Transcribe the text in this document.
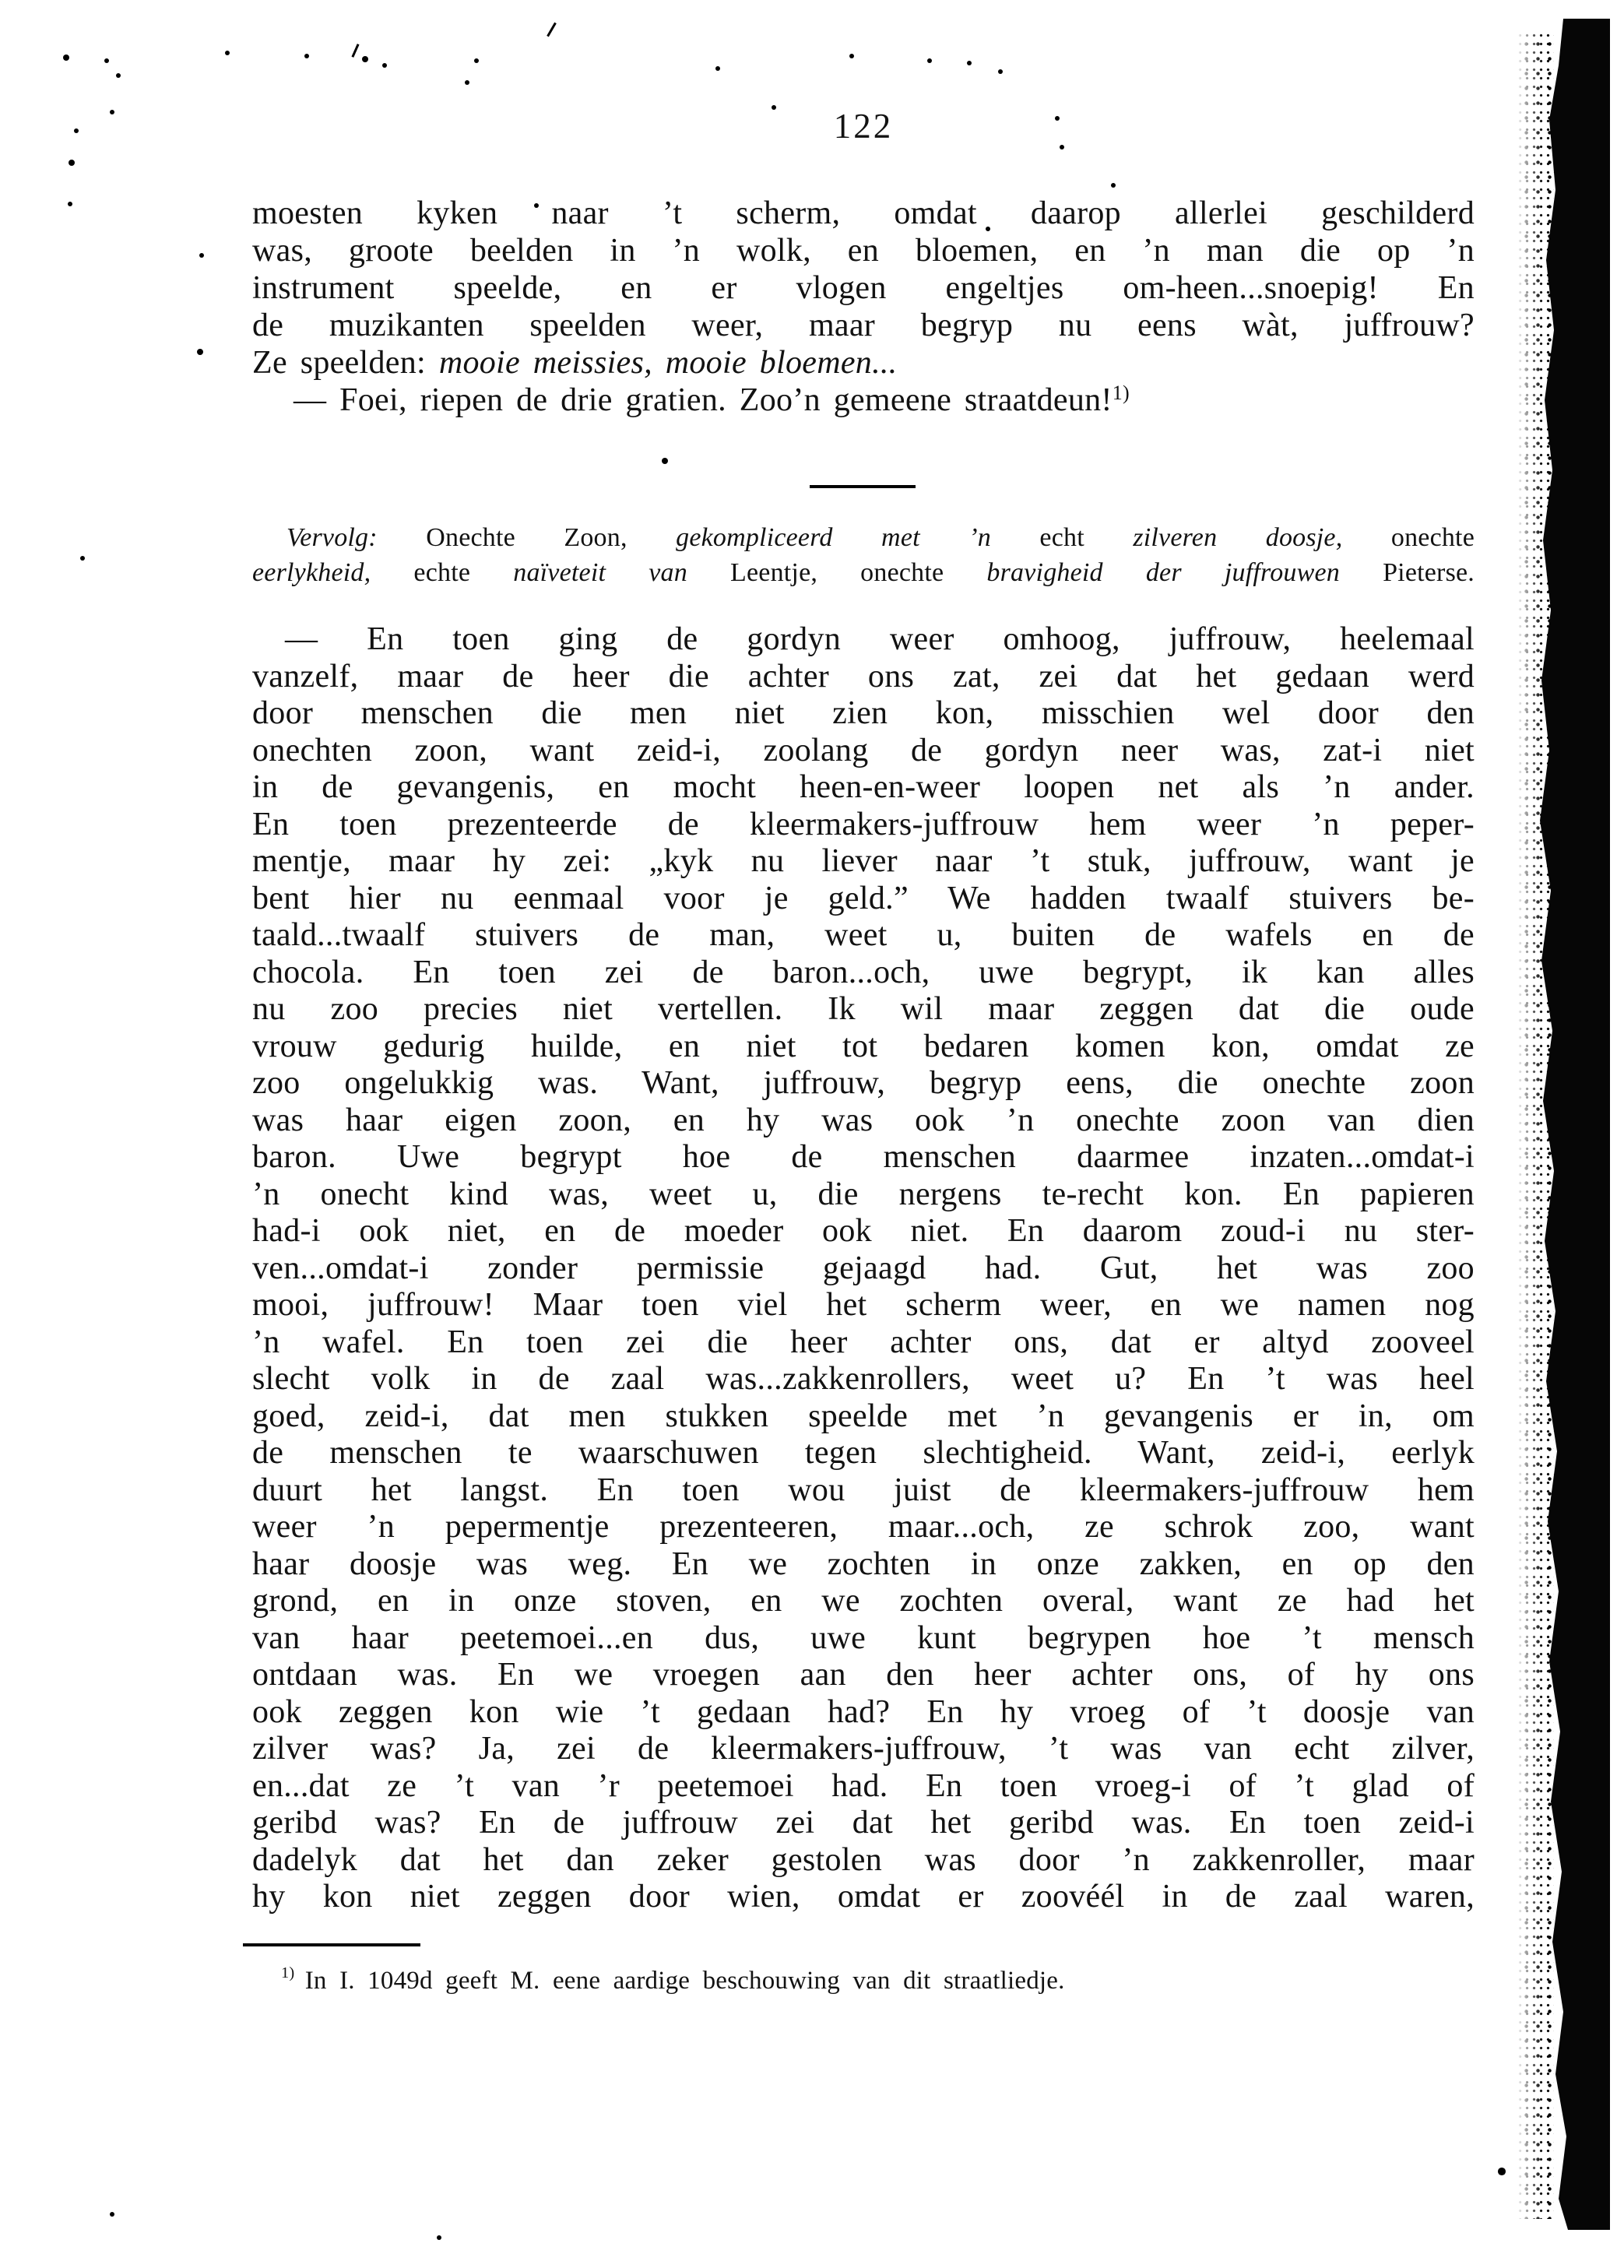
122
moesten kyken naar ’t scherm, omdat daarop allerlei geschilderd
was, groote beelden in ’n wolk, en bloemen, en ’n man die op ’n
instrument speelde, en er vlogen engeltjes om-heen...snoepig! En
de muzikanten speelden weer, maar begryp nu eens wàt, juffrouw?
Ze speelden: mooie meissies, mooie bloemen...
— Foei, riepen de drie gratien. Zoo’n gemeene straatdeun!$^{1)}$
Vervolg: Onechte Zoon, gekompliceerd met ’n echt zilveren doosje, onechte
eerlykheid, echte naïveteit van Leentje, onechte bravigheid der juffrouwen Pieterse.
— En toen ging de gordyn weer omhoog, juffrouw, heelemaal
vanzelf, maar de heer die achter ons zat, zei dat het gedaan werd
door menschen die men niet zien kon, misschien wel door den
onechten zoon, want zeid-i, zoolang de gordyn neer was, zat-i niet
in de gevangenis, en mocht heen-en-weer loopen net als ’n ander.
En toen prezenteerde de kleermakers-juffrouw hem weer ’n peper-
mentje, maar hy zei: „kyk nu liever naar ’t stuk, juffrouw, want je
bent hier nu eenmaal voor je geld.” We hadden twaalf stuivers be-
taald...twaalf stuivers de man, weet u, buiten de wafels en de
chocola. En toen zei de baron...och, uwe begrypt, ik kan alles
nu zoo precies niet vertellen. Ik wil maar zeggen dat die oude
vrouw gedurig huilde, en niet tot bedaren komen kon, omdat ze
zoo ongelukkig was. Want, juffrouw, begryp eens, die onechte zoon
was haar eigen zoon, en hy was ook ’n onechte zoon van dien
baron. Uwe begrypt hoe de menschen daarmee inzaten...omdat-i
’n onecht kind was, weet u, die nergens te-recht kon. En papieren
had-i ook niet, en de moeder ook niet. En daarom zoud-i nu ster-
ven...omdat-i zonder permissie gejaagd had. Gut, het was zoo
mooi, juffrouw! Maar toen viel het scherm weer, en we namen nog
’n wafel. En toen zei die heer achter ons, dat er altyd zooveel
slecht volk in de zaal was...zakkenrollers, weet u? En ’t was heel
goed, zeid-i, dat men stukken speelde met ’n gevangenis er in, om
de menschen te waarschuwen tegen slechtigheid. Want, zeid-i, eerlyk
duurt het langst. En toen wou juist de kleermakers-juffrouw hem
weer ’n pepermentje prezenteeren, maar...och, ze schrok zoo, want
haar doosje was weg. En we zochten in onze zakken, en op den
grond, en in onze stoven, en we zochten overal, want ze had het
van haar peetemoei...en dus, uwe kunt begrypen hoe ’t mensch
ontdaan was. En we vroegen aan den heer achter ons, of hy ons
ook zeggen kon wie ’t gedaan had? En hy vroeg of ’t doosje van
zilver was? Ja, zei de kleermakers-juffrouw, ’t was van echt zilver,
en...dat ze ’t van ’r peetemoei had. En toen vroeg-i of ’t glad of
geribd was? En de juffrouw zei dat het geribd was. En toen zeid-i
dadelyk dat het dan zeker gestolen was door ’n zakkenroller, maar
hy kon niet zeggen door wien, omdat er zoovéél in de zaal waren,
$^{1)}$ In I. 1049d geeft M. eene aardige beschouwing van dit straatliedje.
